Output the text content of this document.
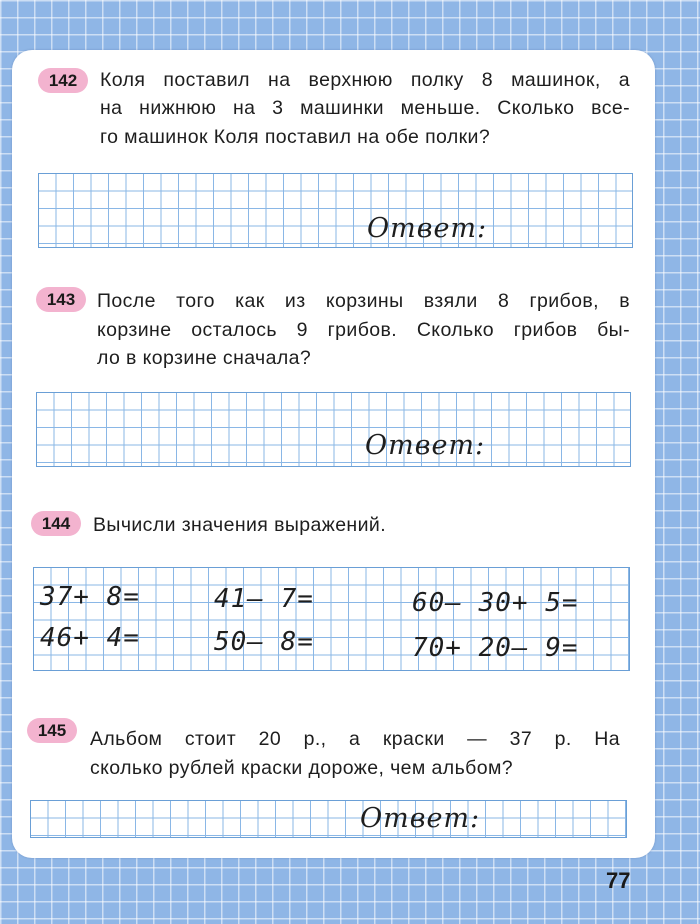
142	Коля поставил на верхнюю полку 8 машинок, а
на нижнюю на 3 машинки меньше. Сколько все-
го машинок Коля поставил на обе полки?
Ответ:
143	После того как из корзины взяли 8 грибов, в
корзине осталось 9 грибов. Сколько грибов бы-
ло в корзине сначала?
Ответ:
144	Вычисли значения выражений.
37+ 8=	41– 7=	60– 30+ 5=
46+ 4=	50– 8=	70+ 20– 9=
145	Альбом стоит 20 р., а краски — 37 р. На
сколько рублей краски дороже, чем альбом?
Ответ:
77
